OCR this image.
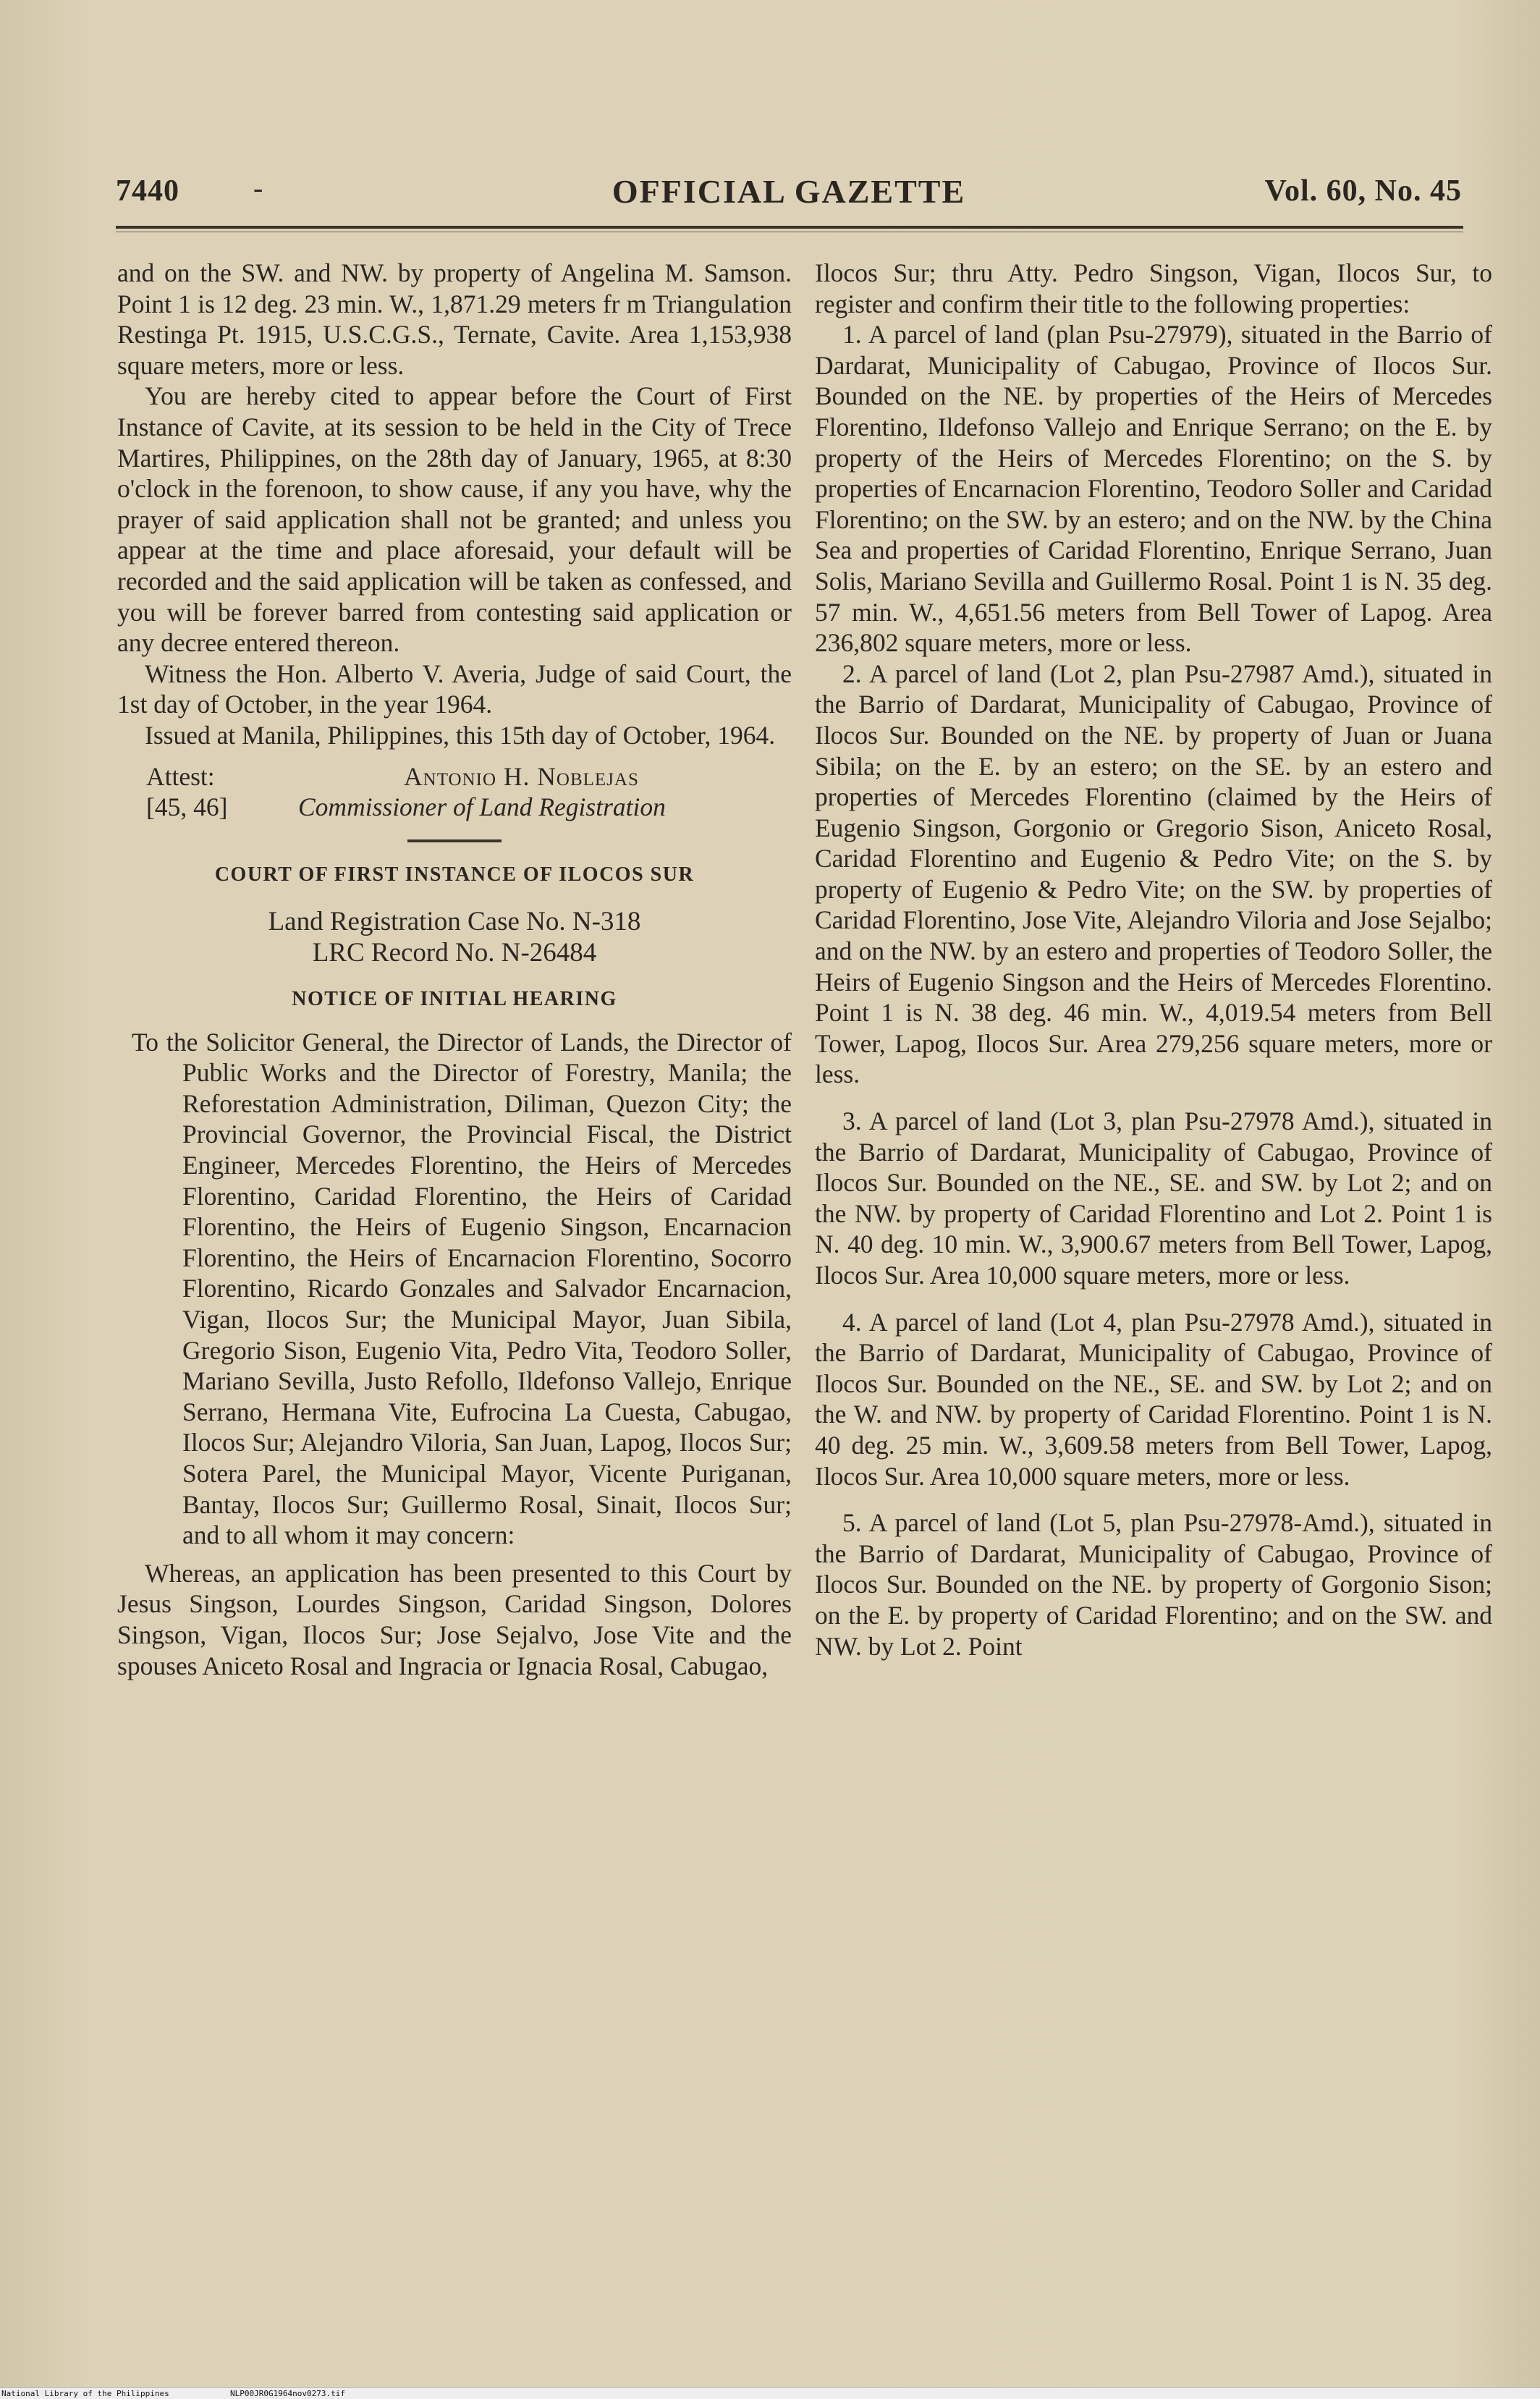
7440	-	OFFICIAL GAZETTE	Vol. 60, No. 45

and on the SW. and NW. by property of Angelina M. Samson. Point 1 is 12 deg. 23 min. W., 1,871.29 meters fr m Triangulation Restinga Pt. 1915, U.S.C.G.S., Ternate, Cavite. Area 1,153,938 square meters, more or less.

You are hereby cited to appear before the Court of First Instance of Cavite, at its session to be held in the City of Trece Martires, Philippines, on the 28th day of January, 1965, at 8:30 o'clock in the forenoon, to show cause, if any you have, why the prayer of said application shall not be granted; and unless you appear at the time and place aforesaid, your default will be recorded and the said application will be taken as confessed, and you will be forever barred from contesting said application or any decree entered thereon.

Witness the Hon. Alberto V. Averia, Judge of said Court, the 1st day of October, in the year 1964.

Issued at Manila, Philippines, this 15th day of October, 1964.

Attest:
[45, 46]
Antonio H. Noblejas
Commissioner of Land Registration
COURT OF FIRST INSTANCE OF ILOCOS SUR
Land Registration Case No. N-318
LRC Record No. N-26484
NOTICE OF INITIAL HEARING

To the Solicitor General, the Director of Lands, the Director of Public Works and the Director of Forestry, Manila; the Reforestation Administration, Diliman, Quezon City; the Provincial Governor, the Provincial Fiscal, the District Engineer, Mercedes Florentino, the Heirs of Mercedes Florentino, Caridad Florentino, the Heirs of Caridad Florentino, the Heirs of Eugenio Singson, Encarnacion Florentino, the Heirs of Encarnacion Florentino, Socorro Florentino, Ricardo Gonzales and Salvador Encarnacion, Vigan, Ilocos Sur; the Municipal Mayor, Juan Sibila, Gregorio Sison, Eugenio Vita, Pedro Vita, Teodoro Soller, Mariano Sevilla, Justo Refollo, Ildefonso Vallejo, Enrique Serrano, Hermana Vite, Eufrocina La Cuesta, Cabugao, Ilocos Sur; Alejandro Viloria, San Juan, Lapog, Ilocos Sur; Sotera Parel, the Municipal Mayor, Vicente Puriganan, Bantay, Ilocos Sur; Guillermo Rosal, Sinait, Ilocos Sur; and to all whom it may concern:

Whereas, an application has been presented to this Court by Jesus Singson, Lourdes Singson, Caridad Singson, Dolores Singson, Vigan, Ilocos Sur; Jose Sejalvo, Jose Vite and the spouses Aniceto Rosal and Ingracia or Ignacia Rosal, Cabugao,

Ilocos Sur; thru Atty. Pedro Singson, Vigan, Ilocos Sur, to register and confirm their title to the following properties:

1. A parcel of land (plan Psu-27979), situated in the Barrio of Dardarat, Municipality of Cabugao, Province of Ilocos Sur. Bounded on the NE. by properties of the Heirs of Mercedes Florentino, Ildefonso Vallejo and Enrique Serrano; on the E. by property of the Heirs of Mercedes Florentino; on the S. by properties of Encarnacion Florentino, Teodoro Soller and Caridad Florentino; on the SW. by an estero; and on the NW. by the China Sea and properties of Caridad Florentino, Enrique Serrano, Juan Solis, Mariano Sevilla and Guillermo Rosal. Point 1 is N. 35 deg. 57 min. W., 4,651.56 meters from Bell Tower of Lapog. Area 236,802 square meters, more or less.

2. A parcel of land (Lot 2, plan Psu-27987 Amd.), situated in the Barrio of Dardarat, Municipality of Cabugao, Province of Ilocos Sur. Bounded on the NE. by property of Juan or Juana Sibila; on the E. by an estero; on the SE. by an estero and properties of Mercedes Florentino (claimed by the Heirs of Eugenio Singson, Gorgonio or Gregorio Sison, Aniceto Rosal, Caridad Florentino and Eugenio & Pedro Vite; on the S. by property of Eugenio & Pedro Vite; on the SW. by properties of Caridad Florentino, Jose Vite, Alejandro Viloria and Jose Sejalbo; and on the NW. by an estero and properties of Teodoro Soller, the Heirs of Eugenio Singson and the Heirs of Mercedes Florentino. Point 1 is N. 38 deg. 46 min. W., 4,019.54 meters from Bell Tower, Lapog, Ilocos Sur. Area 279,256 square meters, more or less.

3. A parcel of land (Lot 3, plan Psu-27978 Amd.), situated in the Barrio of Dardarat, Municipality of Cabugao, Province of Ilocos Sur. Bounded on the NE., SE. and SW. by Lot 2; and on the NW. by property of Caridad Florentino and Lot 2. Point 1 is N. 40 deg. 10 min. W., 3,900.67 meters from Bell Tower, Lapog, Ilocos Sur. Area 10,000 square meters, more or less.

4. A parcel of land (Lot 4, plan Psu-27978 Amd.), situated in the Barrio of Dardarat, Municipality of Cabugao, Province of Ilocos Sur. Bounded on the NE., SE. and SW. by Lot 2; and on the W. and NW. by property of Caridad Florentino. Point 1 is N. 40 deg. 25 min. W., 3,609.58 meters from Bell Tower, Lapog, Ilocos Sur. Area 10,000 square meters, more or less.

5. A parcel of land (Lot 5, plan Psu-27978-Amd.), situated in the Barrio of Dardarat, Municipality of Cabugao, Province of Ilocos Sur. Bounded on the NE. by property of Gorgonio Sison; on the E. by property of Caridad Florentino; and on the SW. and NW. by Lot 2. Point

National Library of the Philippines	NLP00JR0G1964nov0273.tif
